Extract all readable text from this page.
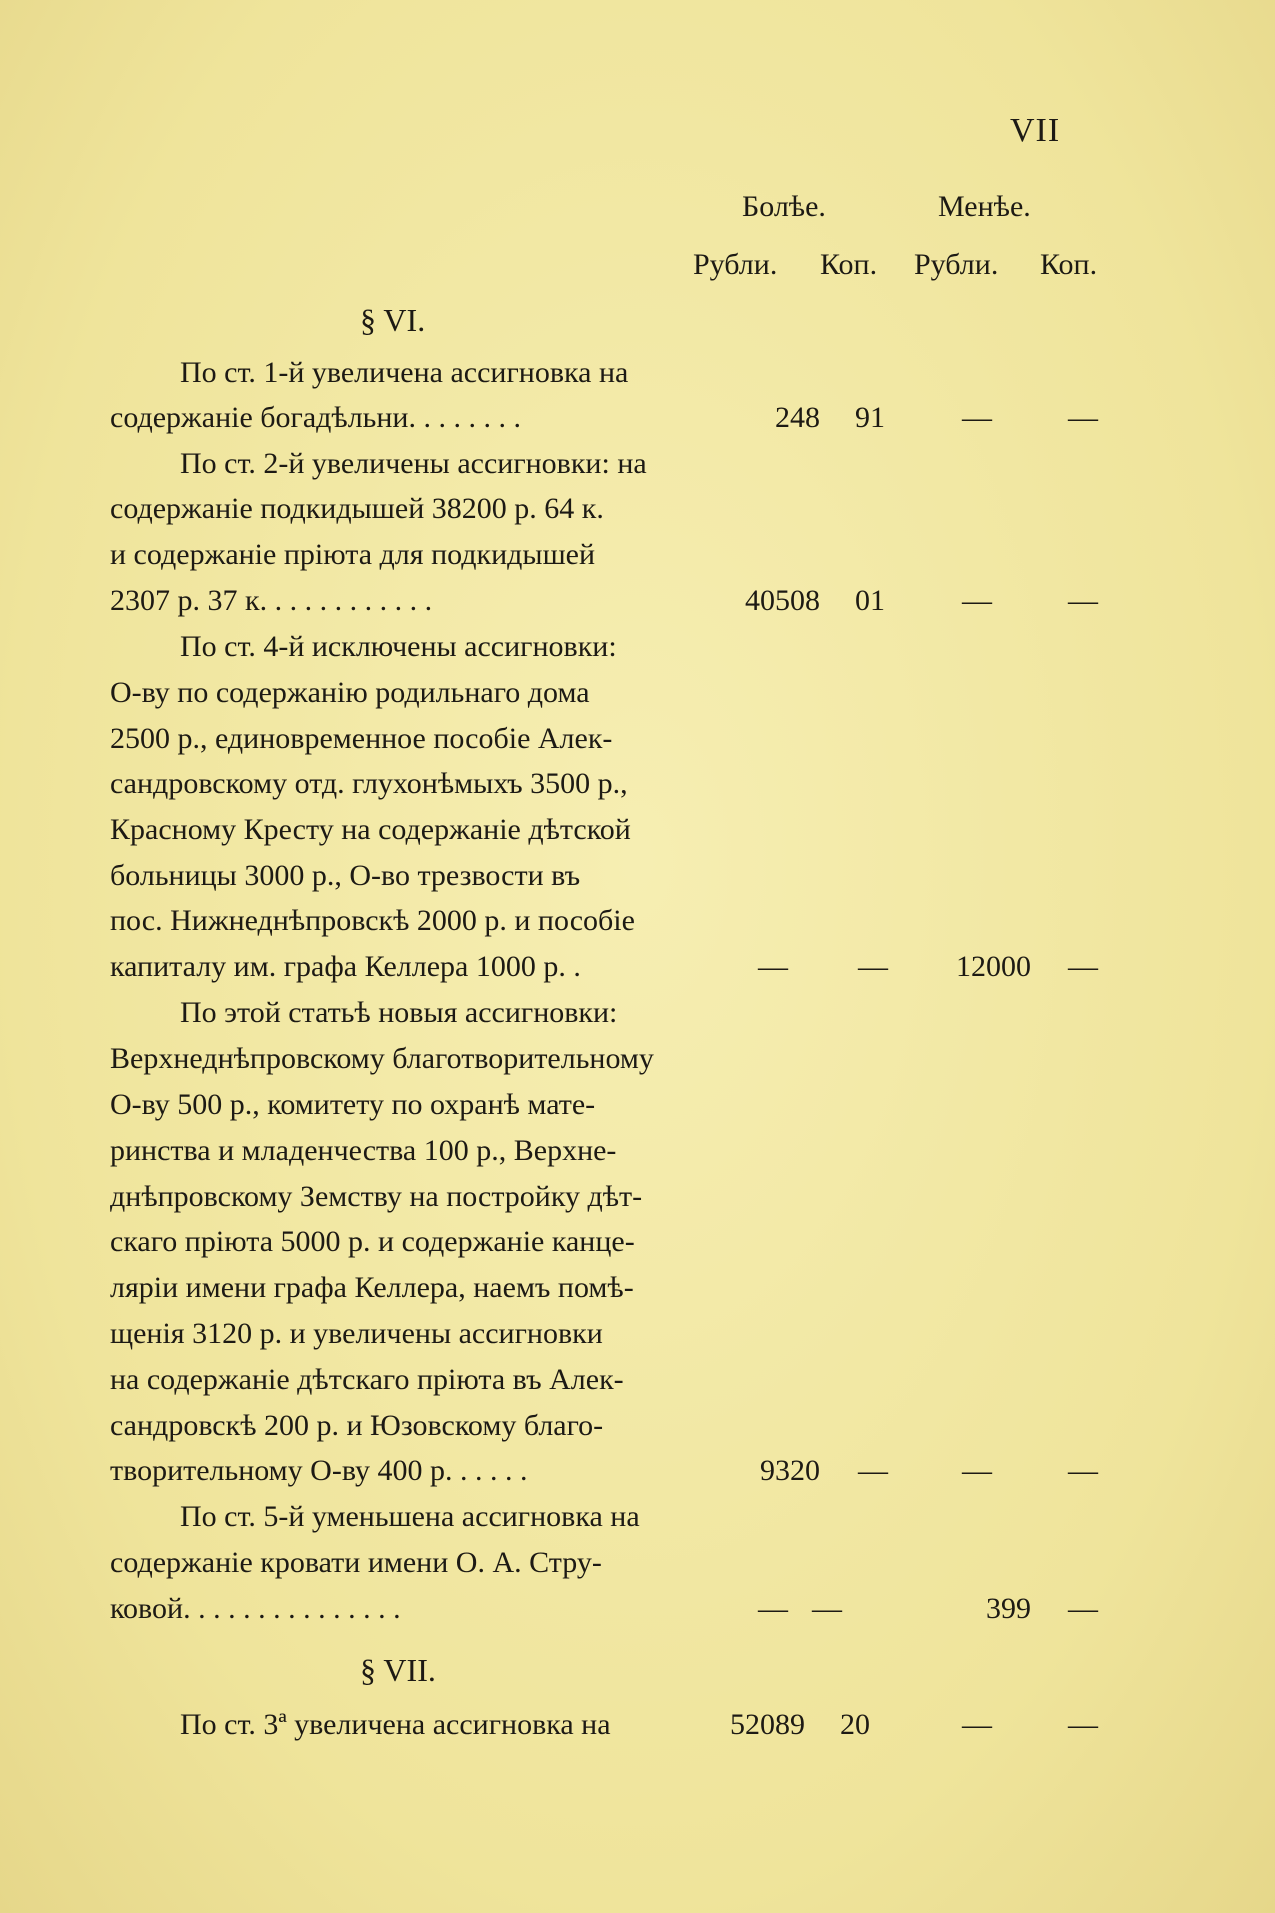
VII
Болѣе.	Менѣе.
Рубли. Коп. Рубли. Коп.
§ VI.
По ст. 1-й увеличена ассигновка на
содержаніе богадѣльни. . . . . . . .	248 91	—	—
По ст. 2-й увеличены ассигновки: на
содержаніе подкидышей 38200 р. 64 к.
и содержаніе пріюта для подкидышей
2307 р. 37 к. . . . . . . . . . . .	40508 01	—	—
По ст. 4-й исключены ассигновки:
О-ву по содержанію родильнаго дома
2500 р., единовременное пособіе Алек-
сандровскому отд. глухонѣмыхъ 3500 р.,
Красному Кресту на содержаніе дѣтской
больницы 3000 р., О-во трезвости въ
пос. Нижнеднѣпровскѣ 2000 р. и пособіе
капиталу им. графа Келлера 1000 р. .	— — 12000 —
По этой статьѣ новыя ассигновки:
Верхнеднѣпровскому благотворительному
О-ву 500 р., комитету по охранѣ мате-
ринства и младенчества 100 р., Верхне-
днѣпровскому Земству на постройку дѣт-
скаго пріюта 5000 р. и содержаніе канце-
ляріи имени графа Келлера, наемъ помѣ-
щенія 3120 р. и увеличены ассигновки
на содержаніе дѣтскаго пріюта въ Алек-
сандровскѣ 200 р. и Юзовскому благо-
творительному О-ву 400 р. . . . . .	9320 — —	—
По ст. 5-й уменьшена ассигновка на
содержаніе кровати имени О. А. Стру-
ковой. . . . . . . . . . . . . . .	— —	399 —
§ VII.
По ст. 3ª увеличена ассигновка на	52089 20	—	—
